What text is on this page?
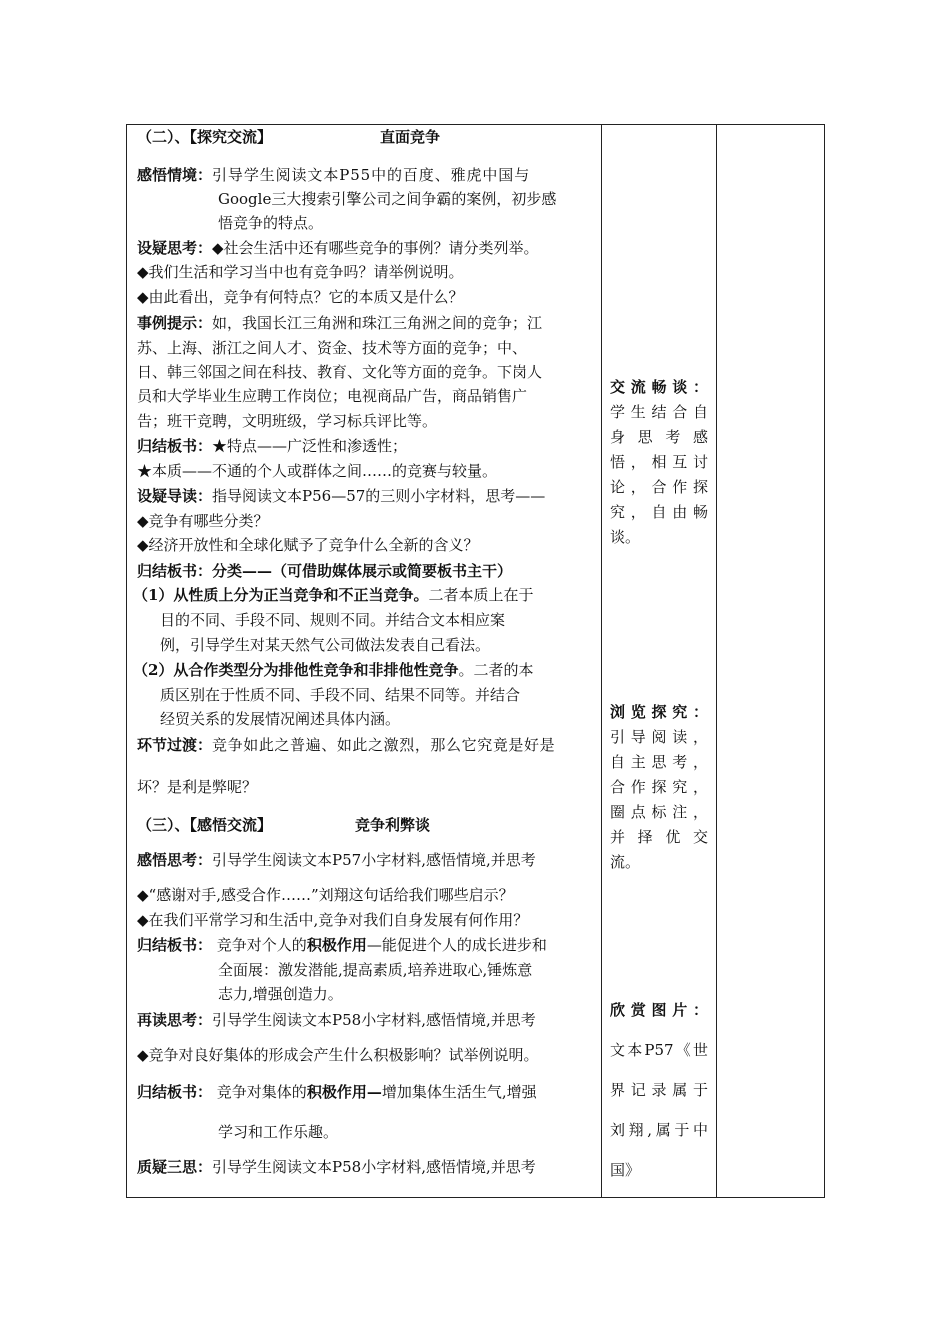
（二）、【探究交流】	直面竞争
感悟情境：引导学生阅读文本P55中的百度、雅虎中国与
Google三大搜索引擎公司之间争霸的案例，初步感
悟竞争的特点。
设疑思考：◆社会生活中还有哪些竞争的事例？请分类列举。
◆我们生活和学习当中也有竞争吗？请举例说明。
◆由此看出，竞争有何特点？它的本质又是什么？
事例提示：如，我国长江三角洲和珠江三角洲之间的竞争；江
苏、上海、浙江之间人才、资金、技术等方面的竞争；中、
日、韩三邻国之间在科技、教育、文化等方面的竞争。下岗人
员和大学毕业生应聘工作岗位；电视商品广告，商品销售广
告；班干竞聘，文明班级，学习标兵评比等。
归结板书：★特点——广泛性和渗透性；
★本质——不通的个人或群体之间……的竞赛与较量。
设疑导读：指导阅读文本P56—57的三则小字材料，思考——
◆竞争有哪些分类？
◆经济开放性和全球化赋予了竞争什么全新的含义？
归结板书：分类——（可借助媒体展示或简要板书主干）
（1）从性质上分为正当竞争和不正当竞争。二者本质上在于
目的不同、手段不同、规则不同。并结合文本相应案
例，引导学生对某天然气公司做法发表自己看法。
（2）从合作类型分为排他性竞争和非排他性竞争。二者的本
质区别在于性质不同、手段不同、结果不同等。并结合
经贸关系的发展情况阐述具体内涵。
环节过渡：竞争如此之普遍、如此之激烈，那么它究竟是好是
坏？是利是弊呢？
（三）、【感悟交流】	竞争利弊谈
感悟思考：引导学生阅读文本P57小字材料,感悟情境,并思考
◆“感谢对手,感受合作……”刘翔这句话给我们哪些启示？
◆在我们平常学习和生活中,竞争对我们自身发展有何作用？
归结板书： 竞争对个人的积极作用—能促进个人的成长进步和
全面展：激发潜能,提高素质,培养进取心,锤炼意
志力,增强创造力。
再读思考：引导学生阅读文本P58小字材料,感悟情境,并思考
◆竞争对良好集体的形成会产生什么积极影响？试举例说明。
归结板书： 竞争对集体的积极作用—增加集体生活生气,增强
学习和工作乐趣。
质疑三思：引导学生阅读文本P58小字材料,感悟情境,并思考
交流畅谈：
学生结合自
身思考感
悟，相互讨
论，合作探
究，自由畅
谈。
浏览探究：
引导阅读，
自主思考，
合作探究，
圈点标注，
并择优交
流。
欣赏图片：
文本P57《世
界记录属于
刘翔,属于中
国》
